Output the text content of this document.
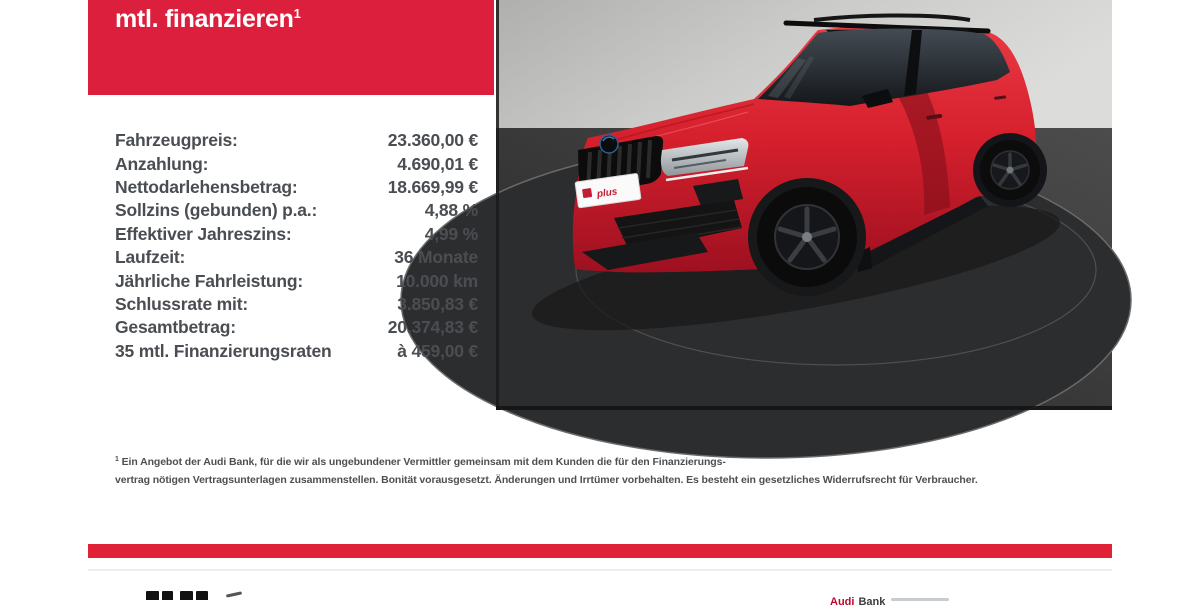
mtl. finanzieren$^1$
plus
Fahrzeugpreis:	23.360,00 €
Anzahlung:	4.690,01 €
Nettodarlehensbetrag:	18.669,99 €
Sollzins (gebunden) p.a.:	4,88 %
Effektiver Jahreszins:	4,99 %
Laufzeit:	36 Monate
Jährliche Fahrleistung:	10.000 km
Schlussrate mit:	3.850,83 €
Gesamtbetrag:	20.374,83 €
35 mtl. Finanzierungsraten	à 459,00 €
$^1$ Ein Angebot der Audi Bank, für die wir als ungebundener Vermittler gemeinsam mit dem Kunden die für den Finanzierungs-
vertrag nötigen Vertragsunterlagen zusammenstellen. Bonität vorausgesetzt. Änderungen und Irrtümer vorbehalten. Es besteht ein gesetzliches Widerrufsrecht für Verbraucher.
Audi Bank
